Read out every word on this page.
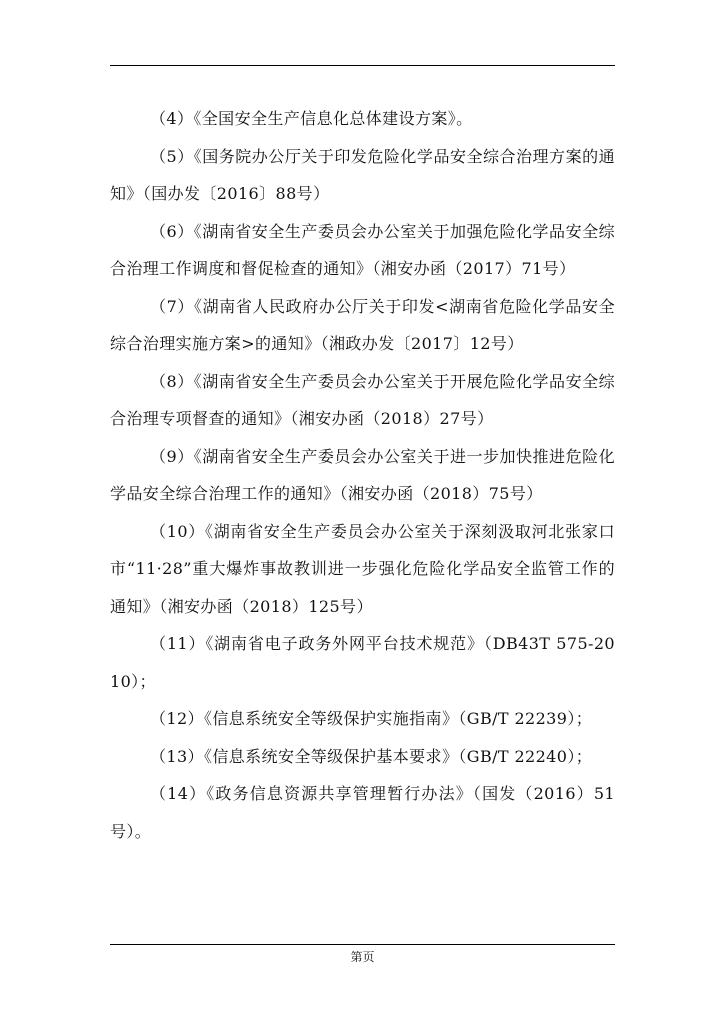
（4）《全国安全生产信息化总体建设方案》。

（5）《国务院办公厅关于印发危险化学品安全综合治理方案的通知》（国办发〔2016〕88号）

（6）《湖南省安全生产委员会办公室关于加强危险化学品安全综合治理工作调度和督促检查的通知》（湘安办函（2017）71号）

（7）《湖南省人民政府办公厅关于印发<湖南省危险化学品安全综合治理实施方案>的通知》（湘政办发〔2017〕12号）

（8）《湖南省安全生产委员会办公室关于开展危险化学品安全综合治理专项督查的通知》（湘安办函（2018）27号）

（9）《湖南省安全生产委员会办公室关于进一步加快推进危险化学品安全综合治理工作的通知》（湘安办函（2018）75号）

（10）《湖南省安全生产委员会办公室关于深刻汲取河北张家口市“11·28”重大爆炸事故教训进一步强化危险化学品安全监管工作的通知》（湘安办函（2018）125号）

（11）《湖南省电子政务外网平台技术规范》（DB43T 575-2010）；

（12）《信息系统安全等级保护实施指南》（GB/T 22239）；

（13）《信息系统安全等级保护基本要求》（GB/T 22240）；

（14）《政务信息资源共享管理暂行办法》（国发（2016）51号）。

第页
